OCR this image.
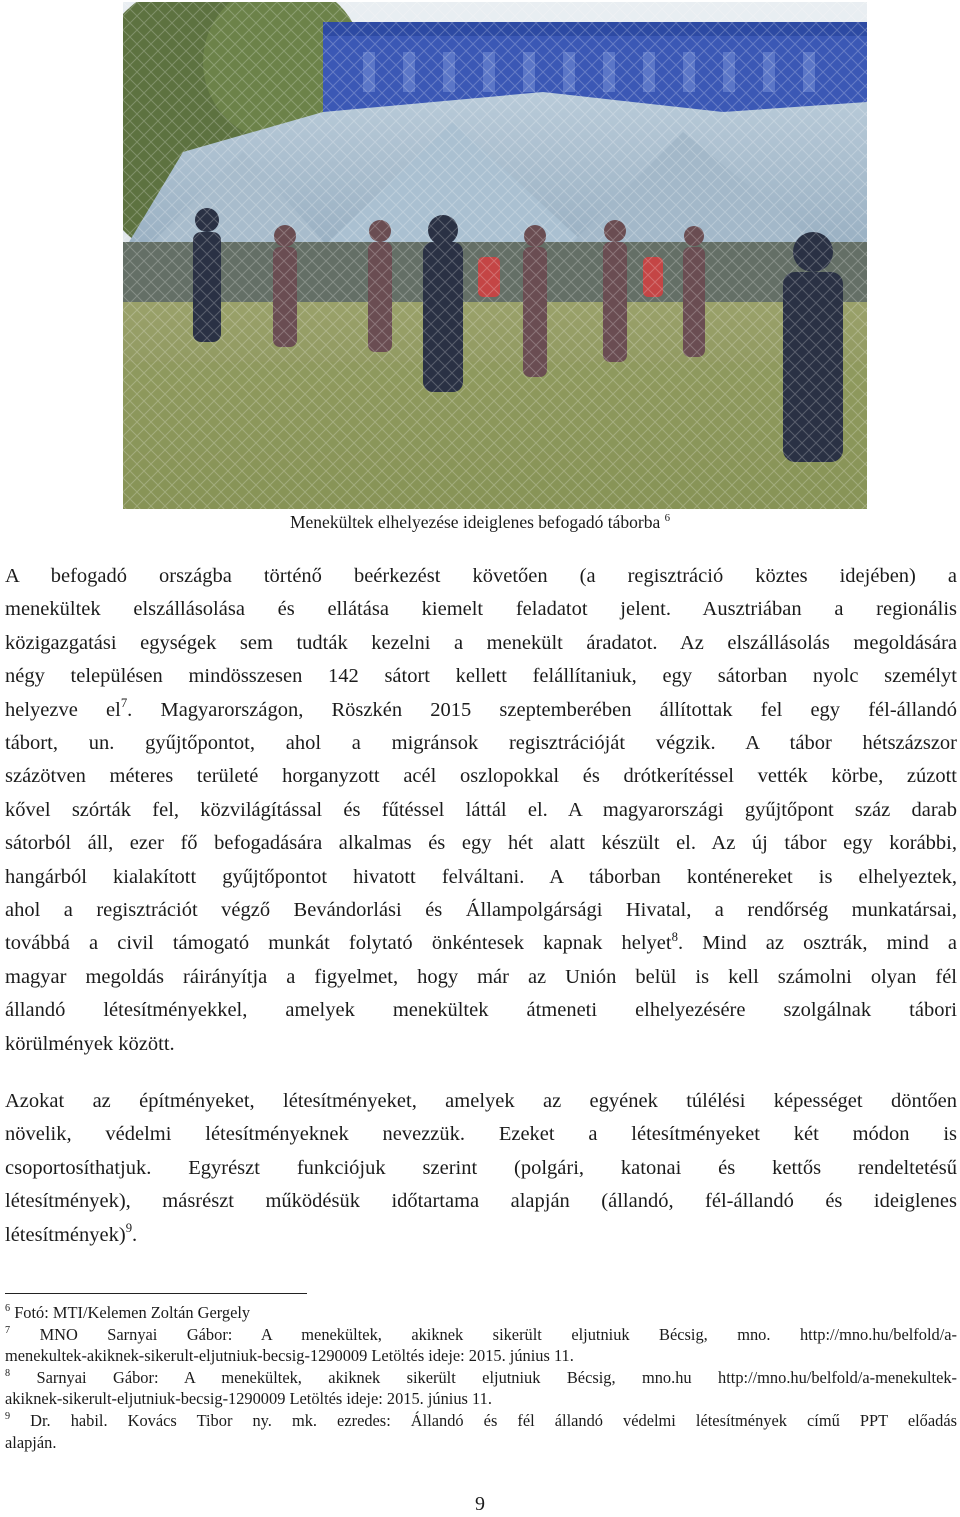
Menekültek elhelyezése ideiglenes befogadó táborba $^6$
A befogadó országba történő beérkezést követően (a regisztráció köztes idejében) a
menekültek elszállásolása és ellátása kiemelt feladatot jelent. Ausztriában a regionális
közigazgatási egységek sem tudták kezelni a menekült áradatot. Az elszállásolás megoldására
négy településen mindösszesen 142 sátort kellett felállítaniuk, egy sátorban nyolc személyt
helyezve $el^7$. Magyarországon, Röszkén 2015 szeptemberében állítottak fel egy fél-állandó
tábort, un. gyűjtőpontot, ahol a migránsok regisztrációját végzik. A tábor hétszázszor
százötven méteres területé horganyzott acél oszlopokkal és drótkerítéssel vették körbe, zúzott
kővel szórták fel, közvilágítással és fűtéssel láttál el. A magyarországi gyűjtőpont száz darab
sátorból áll, ezer fő befogadására alkalmas és egy hét alatt készült el. Az új tábor egy korábbi,
hangárból kialakított gyűjtőpontot hivatott felváltani. A táborban konténereket is elhelyeztek,
ahol a regisztrációt végző Bevándorlási és Állampolgársági Hivatal, a rendőrség munkatársai,
továbbá a civil támogató munkát folytató önkéntesek kapnak helyet$^8$. Mind az osztrák, mind a
magyar megoldás ráirányítja a figyelmet, hogy már az Unión belül is kell számolni olyan fél
állandó létesítményekkel, amelyek menekültek átmeneti elhelyezésére szolgálnak tábori
körülmények között.
Azokat az építményeket, létesítményeket, amelyek az egyének túlélési képességet döntően
növelik, védelmi létesítményeknek nevezzük. Ezeket a létesítményeket két módon is
csoportosíthatjuk. Egyrészt funkciójuk szerint (polgári, katonai és kettős rendeltetésű
létesítmények), másrészt működésük időtartama alapján (állandó, fél-állandó és ideiglenes
létesítmények)$^9$.
$^6$ Fotó: MTI/Kelemen Zoltán Gergely
$^7$ MNO Sarnyai Gábor: A menekültek, akiknek sikerült eljutniuk Bécsig, mno. http://mno.hu/belfold/a-
menekultek-akiknek-sikerult-eljutniuk-becsig-1290009 Letöltés ideje: 2015. június 11.
$^8$ Sarnyai Gábor: A menekültek, akiknek sikerült eljutniuk Bécsig, mno.hu http://mno.hu/belfold/a-menekultek-
akiknek-sikerult-eljutniuk-becsig-1290009 Letöltés ideje: 2015. június 11.
$^9$ Dr. habil. Kovács Tibor ny. mk. ezredes: Állandó és fél állandó védelmi létesítmények című PPT előadás
alapján.
9
